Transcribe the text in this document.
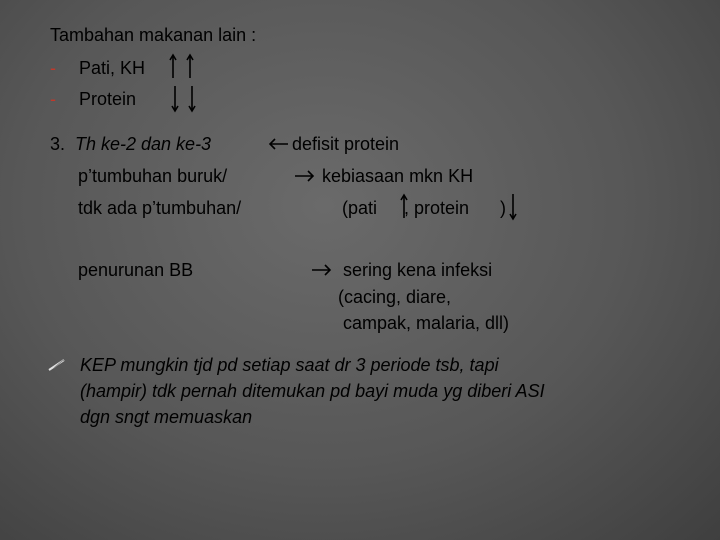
Tambahan makanan lain :
- Pati, KH
- Protein
3. Th ke-2 dan ke-3	defisit protein
p’tumbuhan buruk/	kebiasaan mkn KH
tdk ada p’tumbuhan/	(pati , protein )
penurunan BB	sering kena infeksi
(cacing, diare,
campak, malaria, dll)
KEP mungkin tjd pd setiap saat dr 3 periode tsb, tapi
(hampir) tdk pernah ditemukan pd bayi muda yg diberi ASI
dgn sngt memuaskan
